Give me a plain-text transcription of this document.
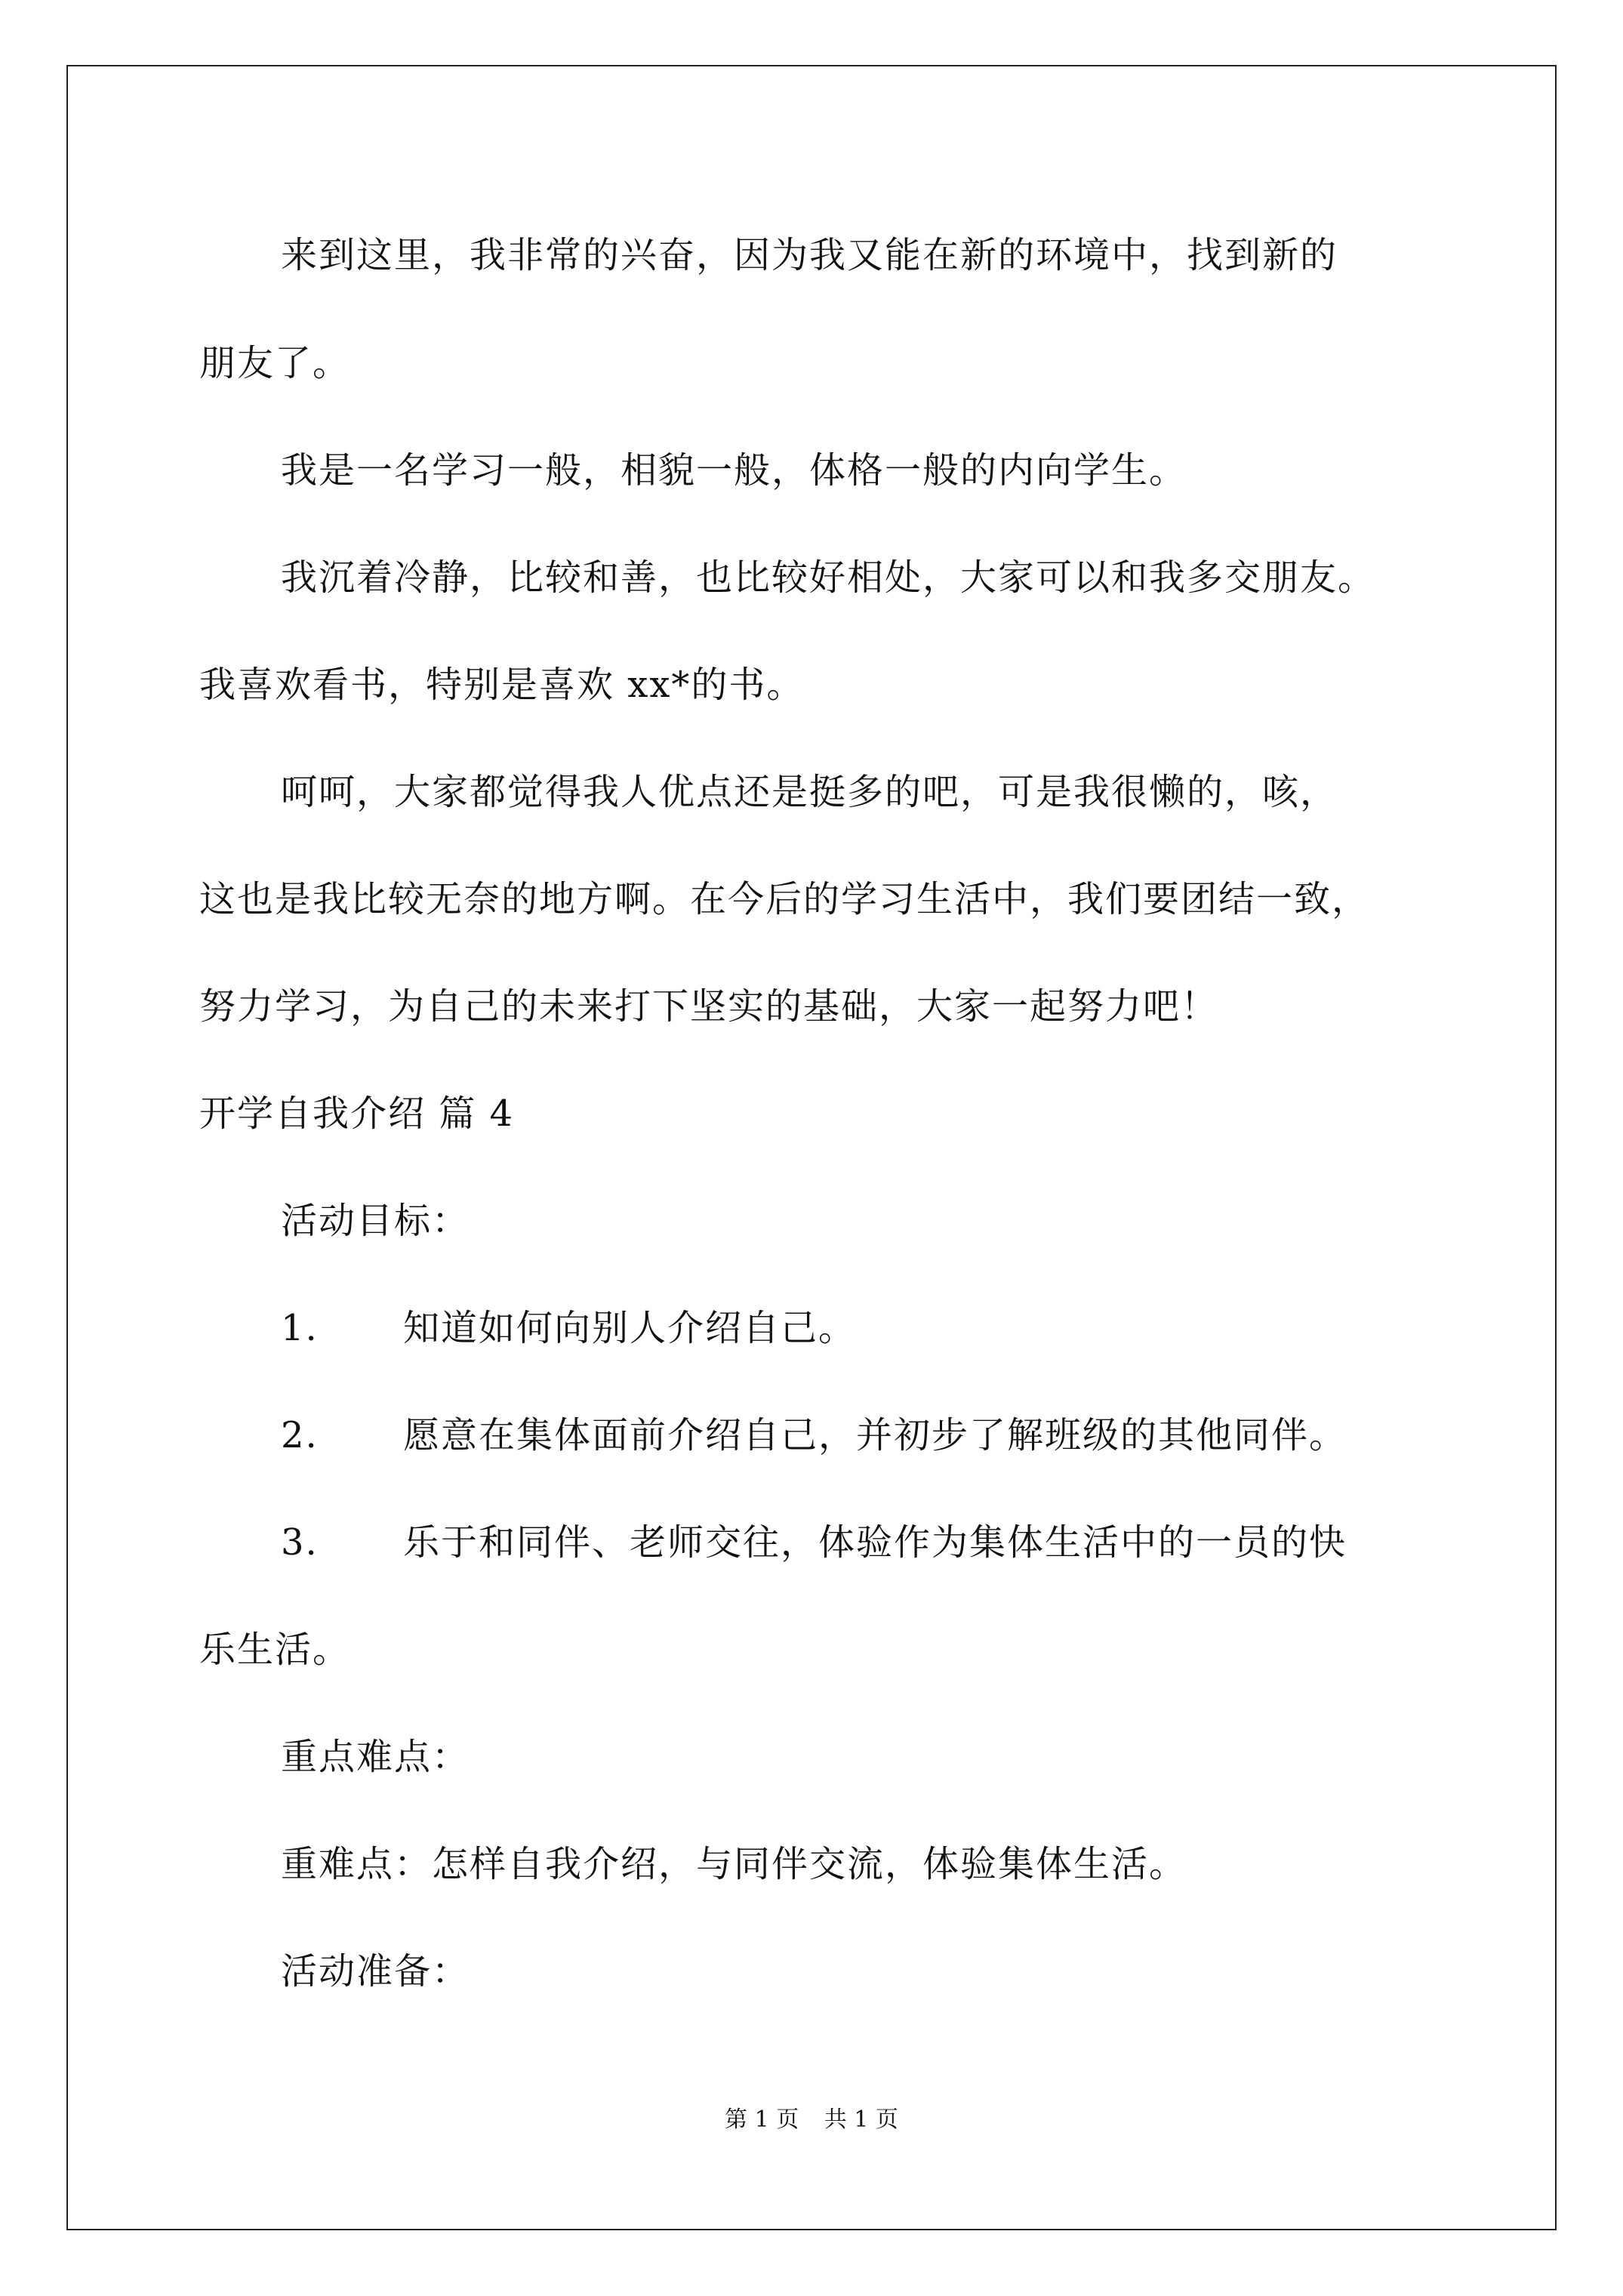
来到这里，我非常的兴奋，因为我又能在新的环境中，找到新的
朋友了。
我是一名学习一般，相貌一般，体格一般的内向学生。
我沉着冷静，比较和善，也比较好相处，大家可以和我多交朋友。
我喜欢看书，特别是喜欢 xx*的书。
呵呵，大家都觉得我人优点还是挺多的吧，可是我很懒的，咳，
这也是我比较无奈的地方啊。在今后的学习生活中，我们要团结一致，
努力学习，为自己的未来打下坚实的基础，大家一起努力吧！
开学自我介绍 篇 4
活动目标：
1. 知道如何向别人介绍自己。
2. 愿意在集体面前介绍自己，并初步了解班级的其他同伴。
3. 乐于和同伴、老师交往，体验作为集体生活中的一员的快
乐生活。
重点难点：
重难点：怎样自我介绍，与同伴交流，体验集体生活。
活动准备：
第 1 页 共 1 页
